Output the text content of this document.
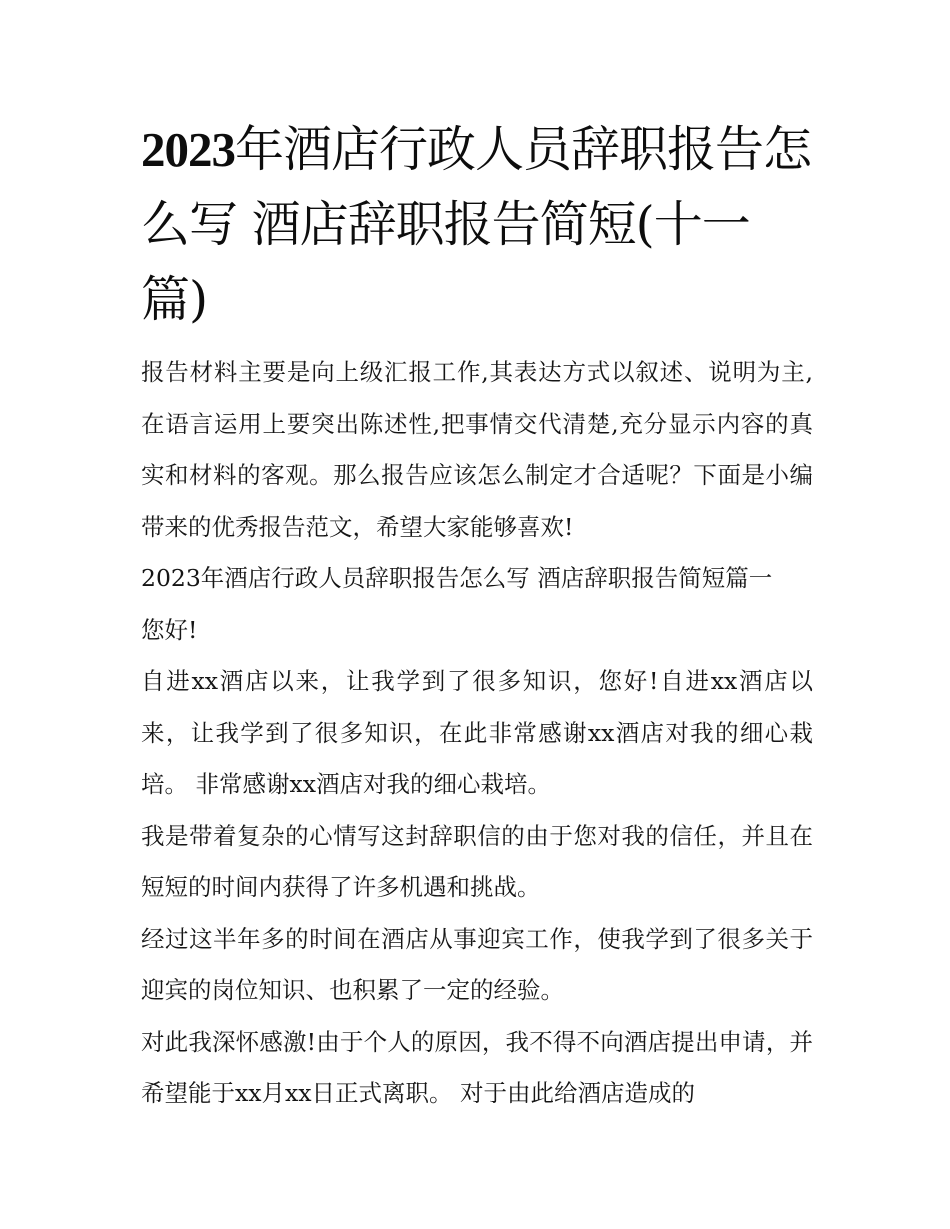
2023年酒店行政人员辞职报告怎么写 酒店辞职报告简短(十一篇)

报告材料主要是向上级汇报工作,其表达方式以叙述、说明为主,在语言运用上要突出陈述性,把事情交代清楚,充分显示内容的真实和材料的客观。那么报告应该怎么制定才合适呢？下面是小编带来的优秀报告范文，希望大家能够喜欢!

2023年酒店行政人员辞职报告怎么写 酒店辞职报告简短篇一

您好!

自进xx酒店以来，让我学到了很多知识，您好!自进xx酒店以来，让我学到了很多知识，在此非常感谢xx酒店对我的细心栽培。 非常感谢xx酒店对我的细心栽培。

我是带着复杂的心情写这封辞职信的由于您对我的信任，并且在短短的时间内获得了许多机遇和挑战。

经过这半年多的时间在酒店从事迎宾工作，使我学到了很多关于迎宾的岗位知识、也积累了一定的经验。

对此我深怀感激!由于个人的原因，我不得不向酒店提出申请，并希望能于xx月xx日正式离职。 对于由此给酒店造成的
